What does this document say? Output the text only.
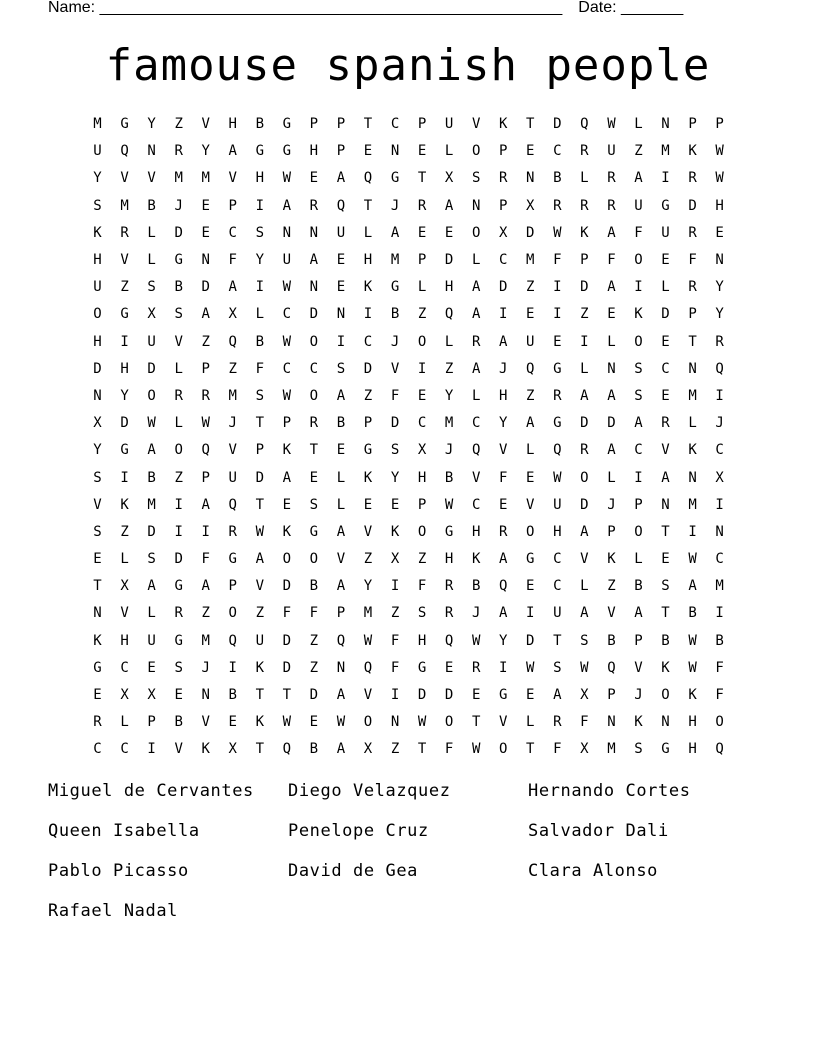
Name: ____________________________________________________ Date: _______
famouse spanish people
M	G	Y	Z	V	H	B	G	P	P	T	C	P	U	V	K	T	D	Q	W	L	N	P	P
U	Q	N	R	Y	A	G	G	H	P	E	N	E	L	O	P	E	C	R	U	Z	M	K	W
Y	V	V	M	M	V	H	W	E	A	Q	G	T	X	S	R	N	B	L	R	A	I	R	W
S	M	B	J	E	P	I	A	R	Q	T	J	R	A	N	P	X	R	R	R	U	G	D	H
K	R	L	D	E	C	S	N	N	U	L	A	E	E	O	X	D	W	K	A	F	U	R	E
H	V	L	G	N	F	Y	U	A	E	H	M	P	D	L	C	M	F	P	F	O	E	F	N
U	Z	S	B	D	A	I	W	N	E	K	G	L	H	A	D	Z	I	D	A	I	L	R	Y
O	G	X	S	A	X	L	C	D	N	I	B	Z	Q	A	I	E	I	Z	E	K	D	P	Y
H	I	U	V	Z	Q	B	W	O	I	C	J	O	L	R	A	U	E	I	L	O	E	T	R
D	H	D	L	P	Z	F	C	C	S	D	V	I	Z	A	J	Q	G	L	N	S	C	N	Q
N	Y	O	R	R	M	S	W	O	A	Z	F	E	Y	L	H	Z	R	A	A	S	E	M	I
X	D	W	L	W	J	T	P	R	B	P	D	C	M	C	Y	A	G	D	D	A	R	L	J
Y	G	A	O	Q	V	P	K	T	E	G	S	X	J	Q	V	L	Q	R	A	C	V	K	C
S	I	B	Z	P	U	D	A	E	L	K	Y	H	B	V	F	E	W	O	L	I	A	N	X
V	K	M	I	A	Q	T	E	S	L	E	E	P	W	C	E	V	U	D	J	P	N	M	I
S	Z	D	I	I	R	W	K	G	A	V	K	O	G	H	R	O	H	A	P	O	T	I	N
E	L	S	D	F	G	A	O	O	V	Z	X	Z	H	K	A	G	C	V	K	L	E	W	C
T	X	A	G	A	P	V	D	B	A	Y	I	F	R	B	Q	E	C	L	Z	B	S	A	M
N	V	L	R	Z	O	Z	F	F	P	M	Z	S	R	J	A	I	U	A	V	A	T	B	I
K	H	U	G	M	Q	U	D	Z	Q	W	F	H	Q	W	Y	D	T	S	B	P	B	W	B
G	C	E	S	J	I	K	D	Z	N	Q	F	G	E	R	I	W	S	W	Q	V	K	W	F
E	X	X	E	N	B	T	T	D	A	V	I	D	D	E	G	E	A	X	P	J	O	K	F
R	L	P	B	V	E	K	W	E	W	O	N	W	O	T	V	L	R	F	N	K	N	H	O
C	C	I	V	K	X	T	Q	B	A	X	Z	T	F	W	O	T	F	X	M	S	G	H	Q
Miguel de Cervantes	Diego Velazquez	Hernando Cortes
Queen Isabella	Penelope Cruz	Salvador Dali
Pablo Picasso	David de Gea	Clara Alonso
Rafael Nadal
